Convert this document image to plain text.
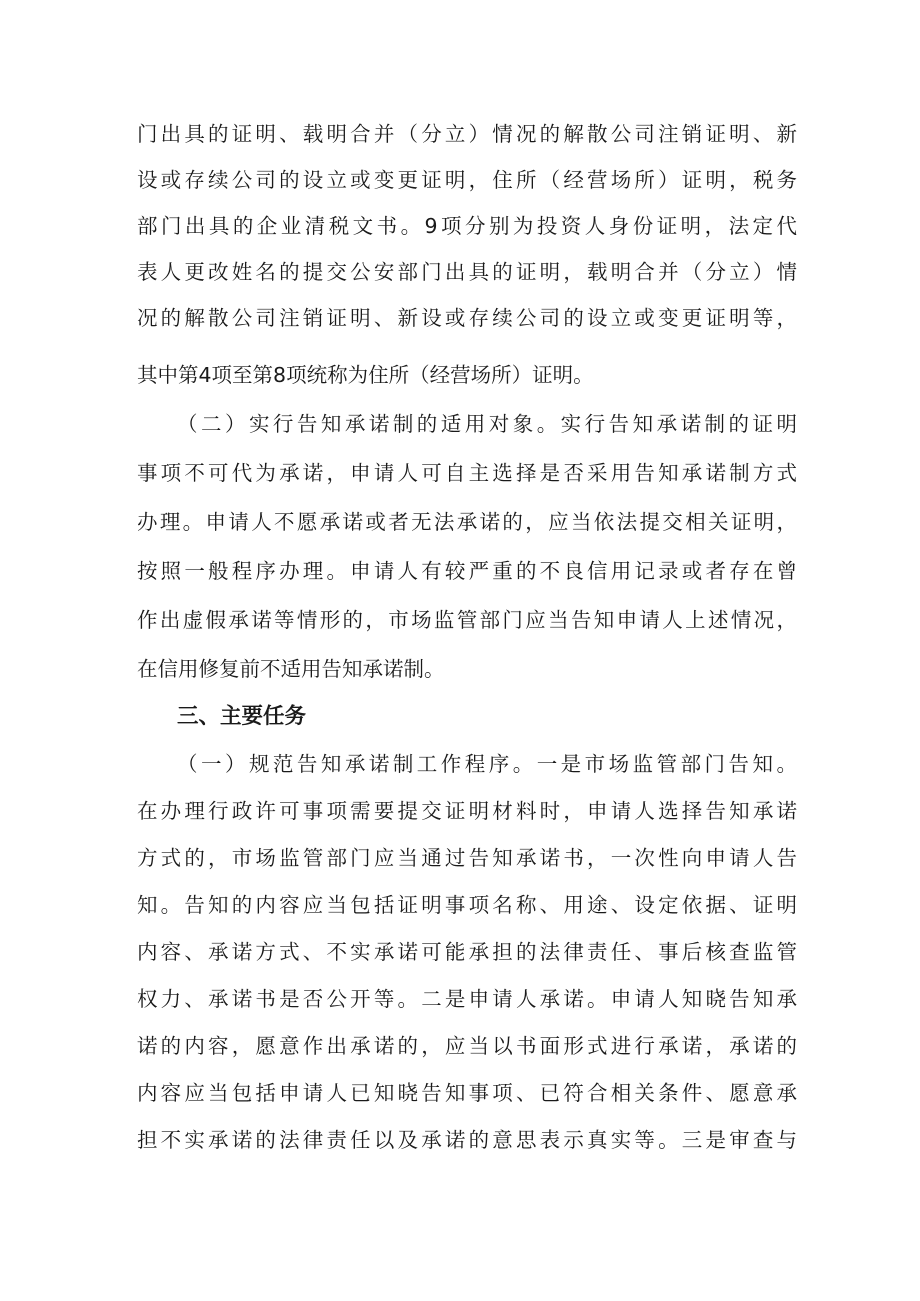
门出具的证明、载明合并（分立）情况的解散公司注销证明、新
设或存续公司的设立或变更证明，住所（经营场所）证明，税务
部门出具的企业清税文书。9项分别为投资人身份证明，法定代
表人更改姓名的提交公安部门出具的证明，载明合并（分立）情
况的解散公司注销证明、新设或存续公司的设立或变更证明等，
其中第4项至第8项统称为住所（经营场所）证明。
（二）实行告知承诺制的适用对象。实行告知承诺制的证明
事项不可代为承诺，申请人可自主选择是否采用告知承诺制方式
办理。申请人不愿承诺或者无法承诺的，应当依法提交相关证明，
按照一般程序办理。申请人有较严重的不良信用记录或者存在曾
作出虚假承诺等情形的，市场监管部门应当告知申请人上述情况，
在信用修复前不适用告知承诺制。
三、主要任务
（一）规范告知承诺制工作程序。一是市场监管部门告知。
在办理行政许可事项需要提交证明材料时，申请人选择告知承诺
方式的，市场监管部门应当通过告知承诺书，一次性向申请人告
知。告知的内容应当包括证明事项名称、用途、设定依据、证明
内容、承诺方式、不实承诺可能承担的法律责任、事后核查监管
权力、承诺书是否公开等。二是申请人承诺。申请人知晓告知承
诺的内容，愿意作出承诺的，应当以书面形式进行承诺，承诺的
内容应当包括申请人已知晓告知事项、已符合相关条件、愿意承
担不实承诺的法律责任以及承诺的意思表示真实等。三是审查与
